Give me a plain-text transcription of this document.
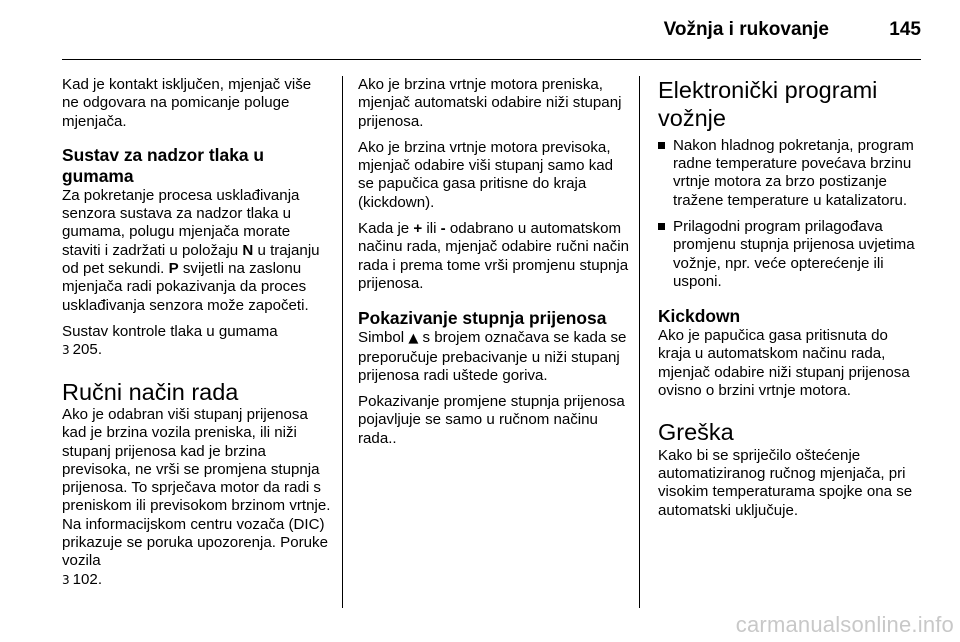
Vožnja i rukovanje	145

Kad je kontakt isključen, mjenjač više ne odgovara na pomicanje poluge mjenjača.

Sustav za nadzor tlaka u gumama

Za pokretanje procesa usklađivanja senzora sustava za nadzor tlaka u gumama, polugu mjenjača morate staviti i zadržati u položaju N u trajanju od pet sekundi. P svijetli na zaslonu mjenjača radi pokazivanja da proces usklađivanja senzora može započeti.

Sustav kontrole tlaka u gumama
3 205.

Ručni način rada

Ako je odabran viši stupanj prijenosa kad je brzina vozila preniska, ili niži stupanj prijenosa kad je brzina previsoka, ne vrši se promjena stupnja prijenosa. To sprječava motor da radi s preniskom ili previsokom brzinom vrtnje. Na informacijskom centru vozača (DIC) prikazuje se poruka upozorenja. Poruke vozila
3 102.

Ako je brzina vrtnje motora preniska, mjenjač automatski odabire niži stupanj prijenosa.

Ako je brzina vrtnje motora previsoka, mjenjač odabire viši stupanj samo kad se papučica gasa pritisne do kraja (kickdown).

Kada je + ili - odabrano u automatskom načinu rada, mjenjač odabire ručni način rada i prema tome vrši promjenu stupnja prijenosa.

Pokazivanje stupnja prijenosa

Simbol ▲ s brojem označava se kada se preporučuje prebacivanje u niži stupanj prijenosa radi uštede goriva.

Pokazivanje promjene stupnja prijenosa pojavljuje se samo u ručnom načinu rada..

Elektronički programi vožnje
Nakon hladnog pokretanja, program radne temperature povećava brzinu vrtnje motora za brzo postizanje tražene temperature u katalizatoru.
Prilagodni program prilagođava promjenu stupnja prijenosa uvjetima vožnje, npr. veće opterećenje ili usponi.
Kickdown

Ako je papučica gasa pritisnuta do kraja u automatskom načinu rada, mjenjač odabire niži stupanj prijenosa ovisno o brzini vrtnje motora.

Greška

Kako bi se spriječilo oštećenje automatiziranog ručnog mjenjača, pri visokim temperaturama spojke ona se automatski uključuje.

carmanualsonline.info
